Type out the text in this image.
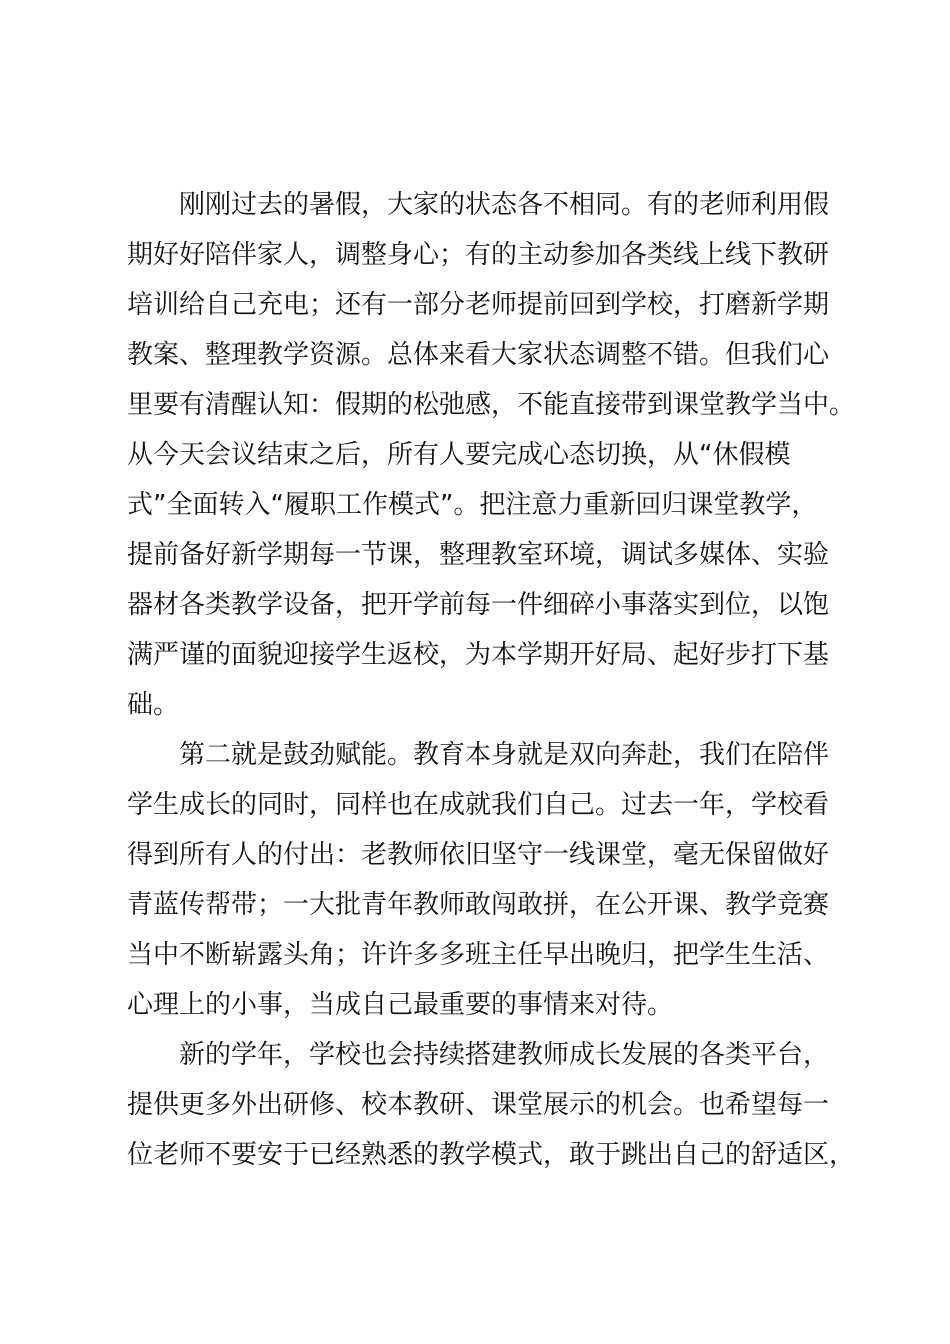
刚刚过去的暑假，大家的状态各不相同。有的老师利用假
期好好陪伴家人，调整身心；有的主动参加各类线上线下教研
培训给自己充电；还有一部分老师提前回到学校，打磨新学期
教案、整理教学资源。总体来看大家状态调整不错。但我们心
里要有清醒认知：假期的松弛感，不能直接带到课堂教学当中。
从今天会议结束之后，所有人要完成心态切换，从“休假模
式”全面转入“履职工作模式”。把注意力重新回归课堂教学，
提前备好新学期每一节课，整理教室环境，调试多媒体、实验
器材各类教学设备，把开学前每一件细碎小事落实到位，以饱
满严谨的面貌迎接学生返校，为本学期开好局、起好步打下基
础。
第二就是鼓劲赋能。教育本身就是双向奔赴，我们在陪伴
学生成长的同时，同样也在成就我们自己。过去一年，学校看
得到所有人的付出：老教师依旧坚守一线课堂，毫无保留做好
青蓝传帮带；一大批青年教师敢闯敢拼，在公开课、教学竞赛
当中不断崭露头角；许许多多班主任早出晚归，把学生生活、
心理上的小事，当成自己最重要的事情来对待。
新的学年，学校也会持续搭建教师成长发展的各类平台，
提供更多外出研修、校本教研、课堂展示的机会。也希望每一
位老师不要安于已经熟悉的教学模式，敢于跳出自己的舒适区，
